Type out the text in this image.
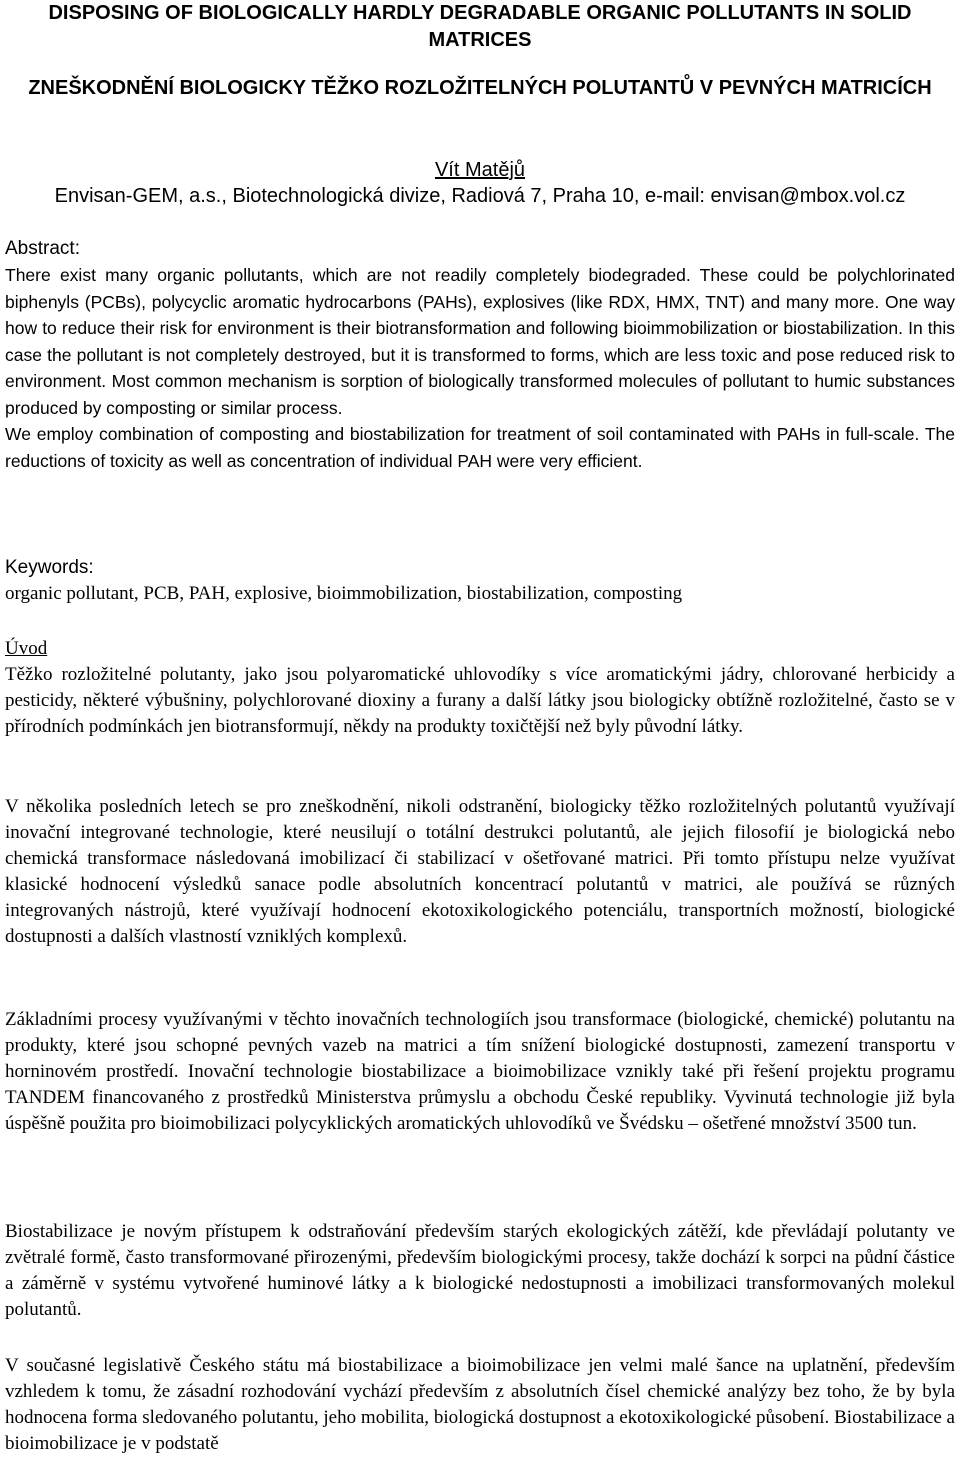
DISPOSING OF BIOLOGICALLY HARDLY DEGRADABLE ORGANIC POLLUTANTS IN SOLID MATRICES
ZNEŠKODNĚNÍ BIOLOGICKY TĚŽKO ROZLOŽITELNÝCH POLUTANTŮ V PEVNÝCH MATRICÍCH
Vít Matějů
Envisan-GEM, a.s., Biotechnologická divize, Radiová 7, Praha 10, e-mail: envisan@mbox.vol.cz
Abstract:

There exist many organic pollutants, which are not readily completely biodegraded. These could be polychlorinated biphenyls (PCBs), polycyclic aromatic hydrocarbons (PAHs), explosives (like RDX, HMX, TNT) and many more. One way how to reduce their risk for environment is their biotransformation and following bioimmobilization or biostabilization. In this case the pollutant is not completely destroyed, but it is transformed to forms, which are less toxic and pose reduced risk to environment. Most common mechanism is sorption of biologically transformed molecules of pollutant to humic substances produced by composting or similar process.

We employ combination of composting and biostabilization for treatment of soil contaminated with PAHs in full-scale. The reductions of toxicity as well as concentration of individual PAH were very efficient.

Keywords:
organic pollutant, PCB, PAH, explosive, bioimmobilization, biostabilization, composting
Úvod

Těžko rozložitelné polutanty, jako jsou polyaromatické uhlovodíky s více aromatickými jádry, chlorované herbicidy a pesticidy, některé výbušniny, polychlorované dioxiny a furany a další látky jsou biologicky obtížně rozložitelné, často se v přírodních podmínkách jen biotransformují, někdy na produkty toxičtější než byly původní látky.

V několika posledních letech se pro zneškodnění, nikoli odstranění, biologicky těžko rozložitelných polutantů využívají inovační integrované technologie, které neusilují o totální destrukci polutantů, ale jejich filosofií je biologická nebo chemická transformace následovaná imobilizací či stabilizací v ošetřované matrici. Při tomto přístupu nelze využívat klasické hodnocení výsledků sanace podle absolutních koncentrací polutantů v matrici, ale používá se různých integrovaných nástrojů, které využívají hodnocení ekotoxikologického potenciálu, transportních možností, biologické dostupnosti a dalších vlastností vzniklých komplexů.

Základními procesy využívanými v těchto inovačních technologiích jsou transformace (biologické, chemické) polutantu na produkty, které jsou schopné pevných vazeb na matrici a tím snížení biologické dostupnosti, zamezení transportu v horninovém prostředí. Inovační technologie biostabilizace a bioimobilizace vznikly také při řešení projektu programu TANDEM financovaného z prostředků Ministerstva průmyslu a obchodu České republiky. Vyvinutá technologie již byla úspěšně použita pro bioimobilizaci polycyklických aromatických uhlovodíků ve Švédsku – ošetřené množství 3500 tun.

Biostabilizace je novým přístupem k odstraňování především starých ekologických zátěží, kde převládají polutanty ve zvětralé formě, často transformované přirozenými, především biologickými procesy, takže dochází k sorpci na půdní částice a záměrně v systému vytvořené huminové látky a k biologické nedostupnosti a imobilizaci transformovaných molekul polutantů.

V současné legislativě Českého státu má biostabilizace a bioimobilizace jen velmi malé šance na uplatnění, především vzhledem k tomu, že zásadní rozhodování vychází především z absolutních čísel chemické analýzy bez toho, že by byla hodnocena forma sledovaného polutantu, jeho mobilita, biologická dostupnost a ekotoxikologické působení. Biostabilizace a bioimobilizace je v podstatě
